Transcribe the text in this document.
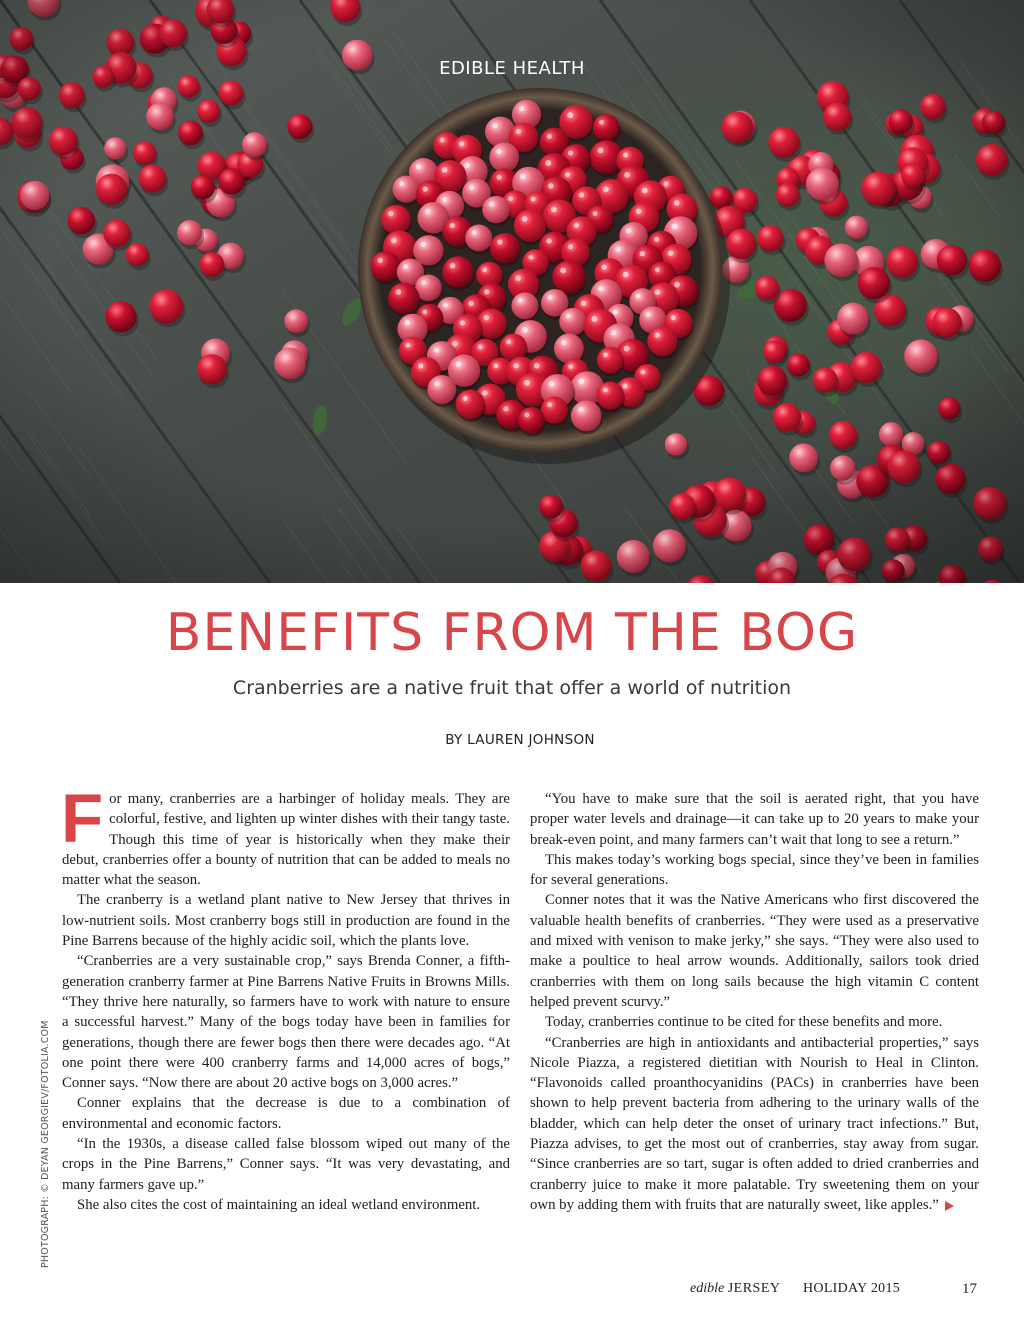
EDIBLE HEALTH
BENEFITS FROM THE BOG
Cranberries are a native fruit that offer a world of nutrition
BY LAUREN JOHNSON
PHOTOGRAPH: © DEYAN GEORGIEV/FOTOLIA.COM

For many, cranberries are a harbinger of holiday meals. They are colorful, festive, and lighten up winter dishes with their tangy taste. Though this time of year is historically when they make their debut, cranberries offer a bounty of nutrition that can be added to meals no matter what the season.

The cranberry is a wetland plant native to New Jersey that thrives in low-nutrient soils. Most cranberry bogs still in production are found in the Pine Barrens because of the highly acidic soil, which the plants love.

“Cranberries are a very sustainable crop,” says Brenda Conner, a fifth-generation cranberry farmer at Pine Barrens Native Fruits in Browns Mills. “They thrive here naturally, so farmers have to work with nature to ensure a successful harvest.” Many of the bogs today have been in families for generations, though there are fewer bogs then there were decades ago. “At one point there were 400 cranberry farms and 14,000 acres of bogs,” Conner says. “Now there are about 20 active bogs on 3,000 acres.”

Conner explains that the decrease is due to a combination of environmental and economic factors.

“In the 1930s, a disease called false blossom wiped out many of the crops in the Pine Barrens,” Conner says. “It was very devastating, and many farmers gave up.”

She also cites the cost of maintaining an ideal wetland environment.

“You have to make sure that the soil is aerated right, that you have proper water levels and drainage—it can take up to 20 years to make your break-even point, and many farmers can’t wait that long to see a return.”

This makes today’s working bogs special, since they’ve been in families for several generations.

Conner notes that it was the Native Americans who first discovered the valuable health benefits of cranberries. “They were used as a preservative and mixed with venison to make jerky,” she says. “They were also used to make a poultice to heal arrow wounds. Additionally, sailors took dried cranberries with them on long sails because the high vitamin C content helped prevent scurvy.”

Today, cranberries continue to be cited for these benefits and more.

“Cranberries are high in antioxidants and antibacterial properties,” says Nicole Piazza, a registered dietitian with Nourish to Heal in Clinton. “Flavonoids called proanthocyanidins (PACs) in cranberries have been shown to help prevent bacteria from adhering to the urinary walls of the bladder, which can help deter the onset of urinary tract infections.” But, Piazza advises, to get the most out of cranberries, stay away from sugar. “Since cranberries are so tart, sugar is often added to dried cranberries and cranberry juice to make it more palatable. Try sweetening them on your own by adding them with fruits that are naturally sweet, like apples.”

edible JERSEY HOLIDAY 2015	17
